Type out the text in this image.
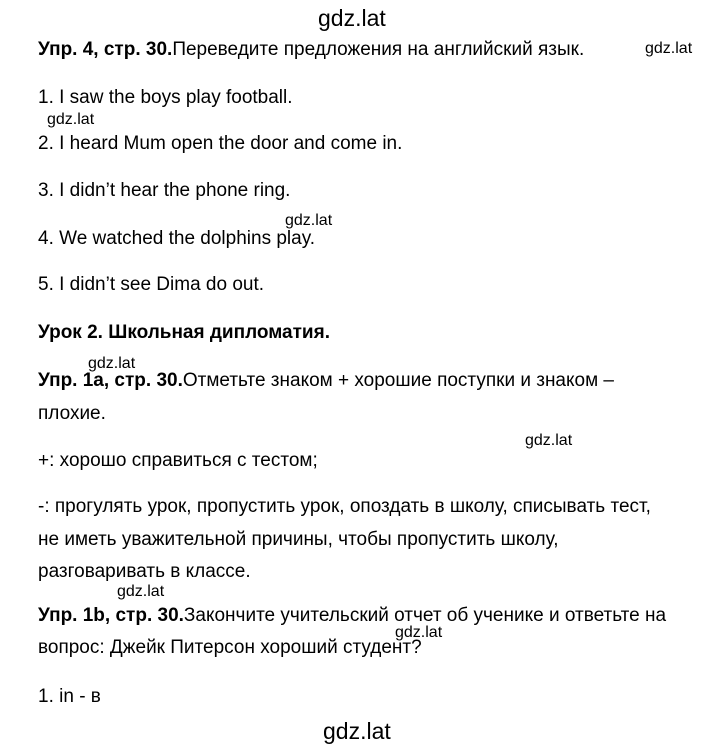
gdz.lat
gdz.lat
gdz.lat
gdz.lat
gdz.lat
gdz.lat
gdz.lat
gdz.lat
gdz.lat
Упр. 4, стр. 30.Переведите предложения на английский язык.
1. I saw the boys play football.
2. I heard Mum open the door and come in.
3. I didn’t hear the phone ring.
4. We watched the dolphins play.
5. I didn’t see Dima do out.
Урок 2. Школьная дипломатия.
Упр. 1a, стр. 30.Отметьте знаком + хорошие поступки и знаком –
плохие.
+: хорошо справиться с тестом;
-: прогулять урок, пропустить урок, опоздать в школу, списывать тест,
не иметь уважительной причины, чтобы пропустить школу,
разговаривать в классе.
Упр. 1b, стр. 30.Закончите учительский отчет об ученике и ответьте на
вопрос: Джейк Питерсон хороший студент?
1. in - в
